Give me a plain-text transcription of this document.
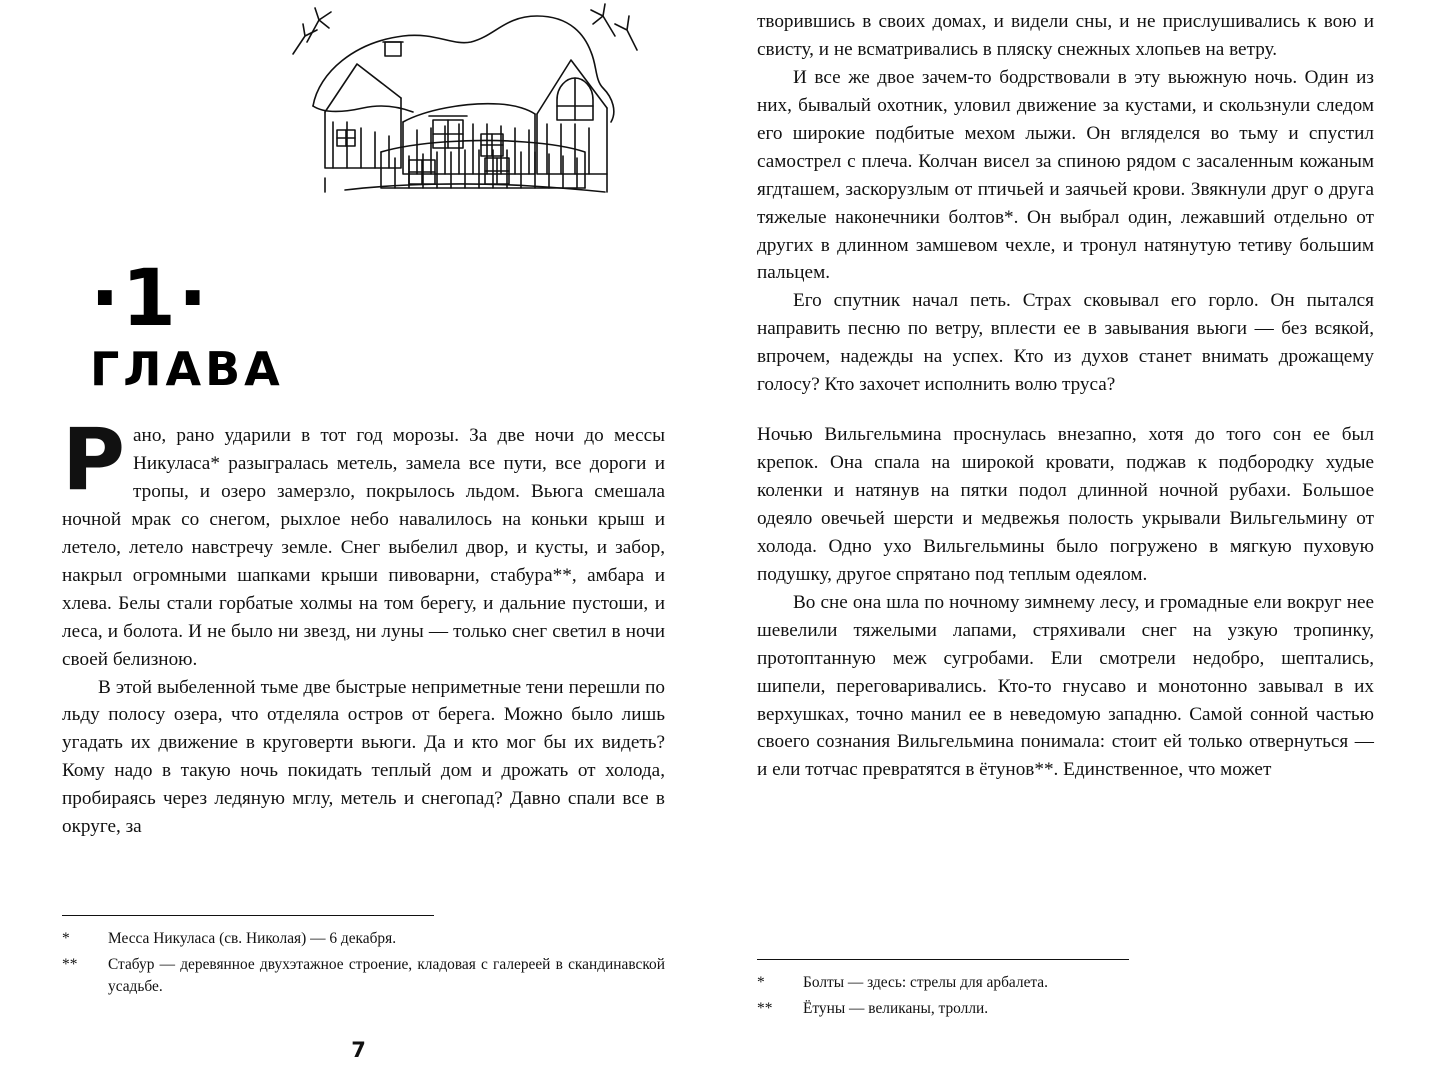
·1·
ГЛАВА

Рано, рано ударили в тот год морозы. За две ночи до мессы Никуласа* разыгралась метель, замела все пути, все дороги и тропы, и озеро замерзло, покрылось льдом. Вьюга смешала ночной мрак со снегом, рыхлое небо навалилось на коньки крыш и летело, летело навстречу земле. Снег выбелил двор, и кусты, и забор, накрыл огромными шапками крыши пивоварни, стабура**, амбара и хлева. Белы стали горбатые холмы на том берегу, и дальние пустоши, и леса, и болота. И не было ни звезд, ни луны — только снег светил в ночи своей белизною.

В этой выбеленной тьме две быстрые неприметные тени перешли по льду полосу озера, что отделяла остров от берега. Можно было лишь угадать их движение в круговерти вьюги. Да и кто мог бы их видеть? Кому надо в такую ночь покидать теплый дом и дрожать от холода, пробираясь через ледяную мглу, метель и снегопад? Давно спали все в округе, за

*	Месса Никуласа (св. Николая) — 6 декабря.
**	Стабур — деревянное двухэтажное строение, кладовая с галереей в скандинавской усадьбе.
7

творившись в своих домах, и видели сны, и не прислушивались к вою и свисту, и не всматривались в пляску снежных хлопьев на ветру.

И все же двое зачем-то бодрствовали в эту вьюжную ночь. Один из них, бывалый охотник, уловил движение за кустами, и скользнули следом его широкие подбитые мехом лыжи. Он вгляделся во тьму и спустил самострел с плеча. Колчан висел за спиною рядом с засаленным кожаным ягдташем, заскорузлым от птичьей и заячьей крови. Звякнули друг о друга тяжелые наконечники болтов*. Он выбрал один, лежавший отдельно от других в длинном замшевом чехле, и тронул натянутую тетиву большим пальцем.

Его спутник начал петь. Страх сковывал его горло. Он пытался направить песню по ветру, вплести ее в завывания вьюги — без всякой, впрочем, надежды на успех. Кто из духов станет внимать дрожащему голосу? Кто захочет исполнить волю труса?

Ночью Вильгельмина проснулась внезапно, хотя до того сон ее был крепок. Она спала на широкой кровати, поджав к подбородку худые коленки и натянув на пятки подол длинной ночной рубахи. Большое одеяло овечьей шерсти и медвежья полость укрывали Вильгельмину от холода. Одно ухо Вильгельмины было погружено в мягкую пуховую подушку, другое спрятано под теплым одеялом.

Во сне она шла по ночному зимнему лесу, и громадные ели вокруг нее шевелили тяжелыми лапами, стряхивали снег на узкую тропинку, протоптанную меж сугробами. Ели смотрели недобро, шептались, шипели, переговаривались. Кто-то гнусаво и монотонно завывал в их верхушках, точно манил ее в неведомую западню. Самой сонной частью своего сознания Вильгельмина понимала: стоит ей только отвернуться — и ели тотчас превратятся в ётунов**. Единственное, что может

*	Болты — здесь: стрелы для арбалета.
**	Ётуны — великаны, тролли.
